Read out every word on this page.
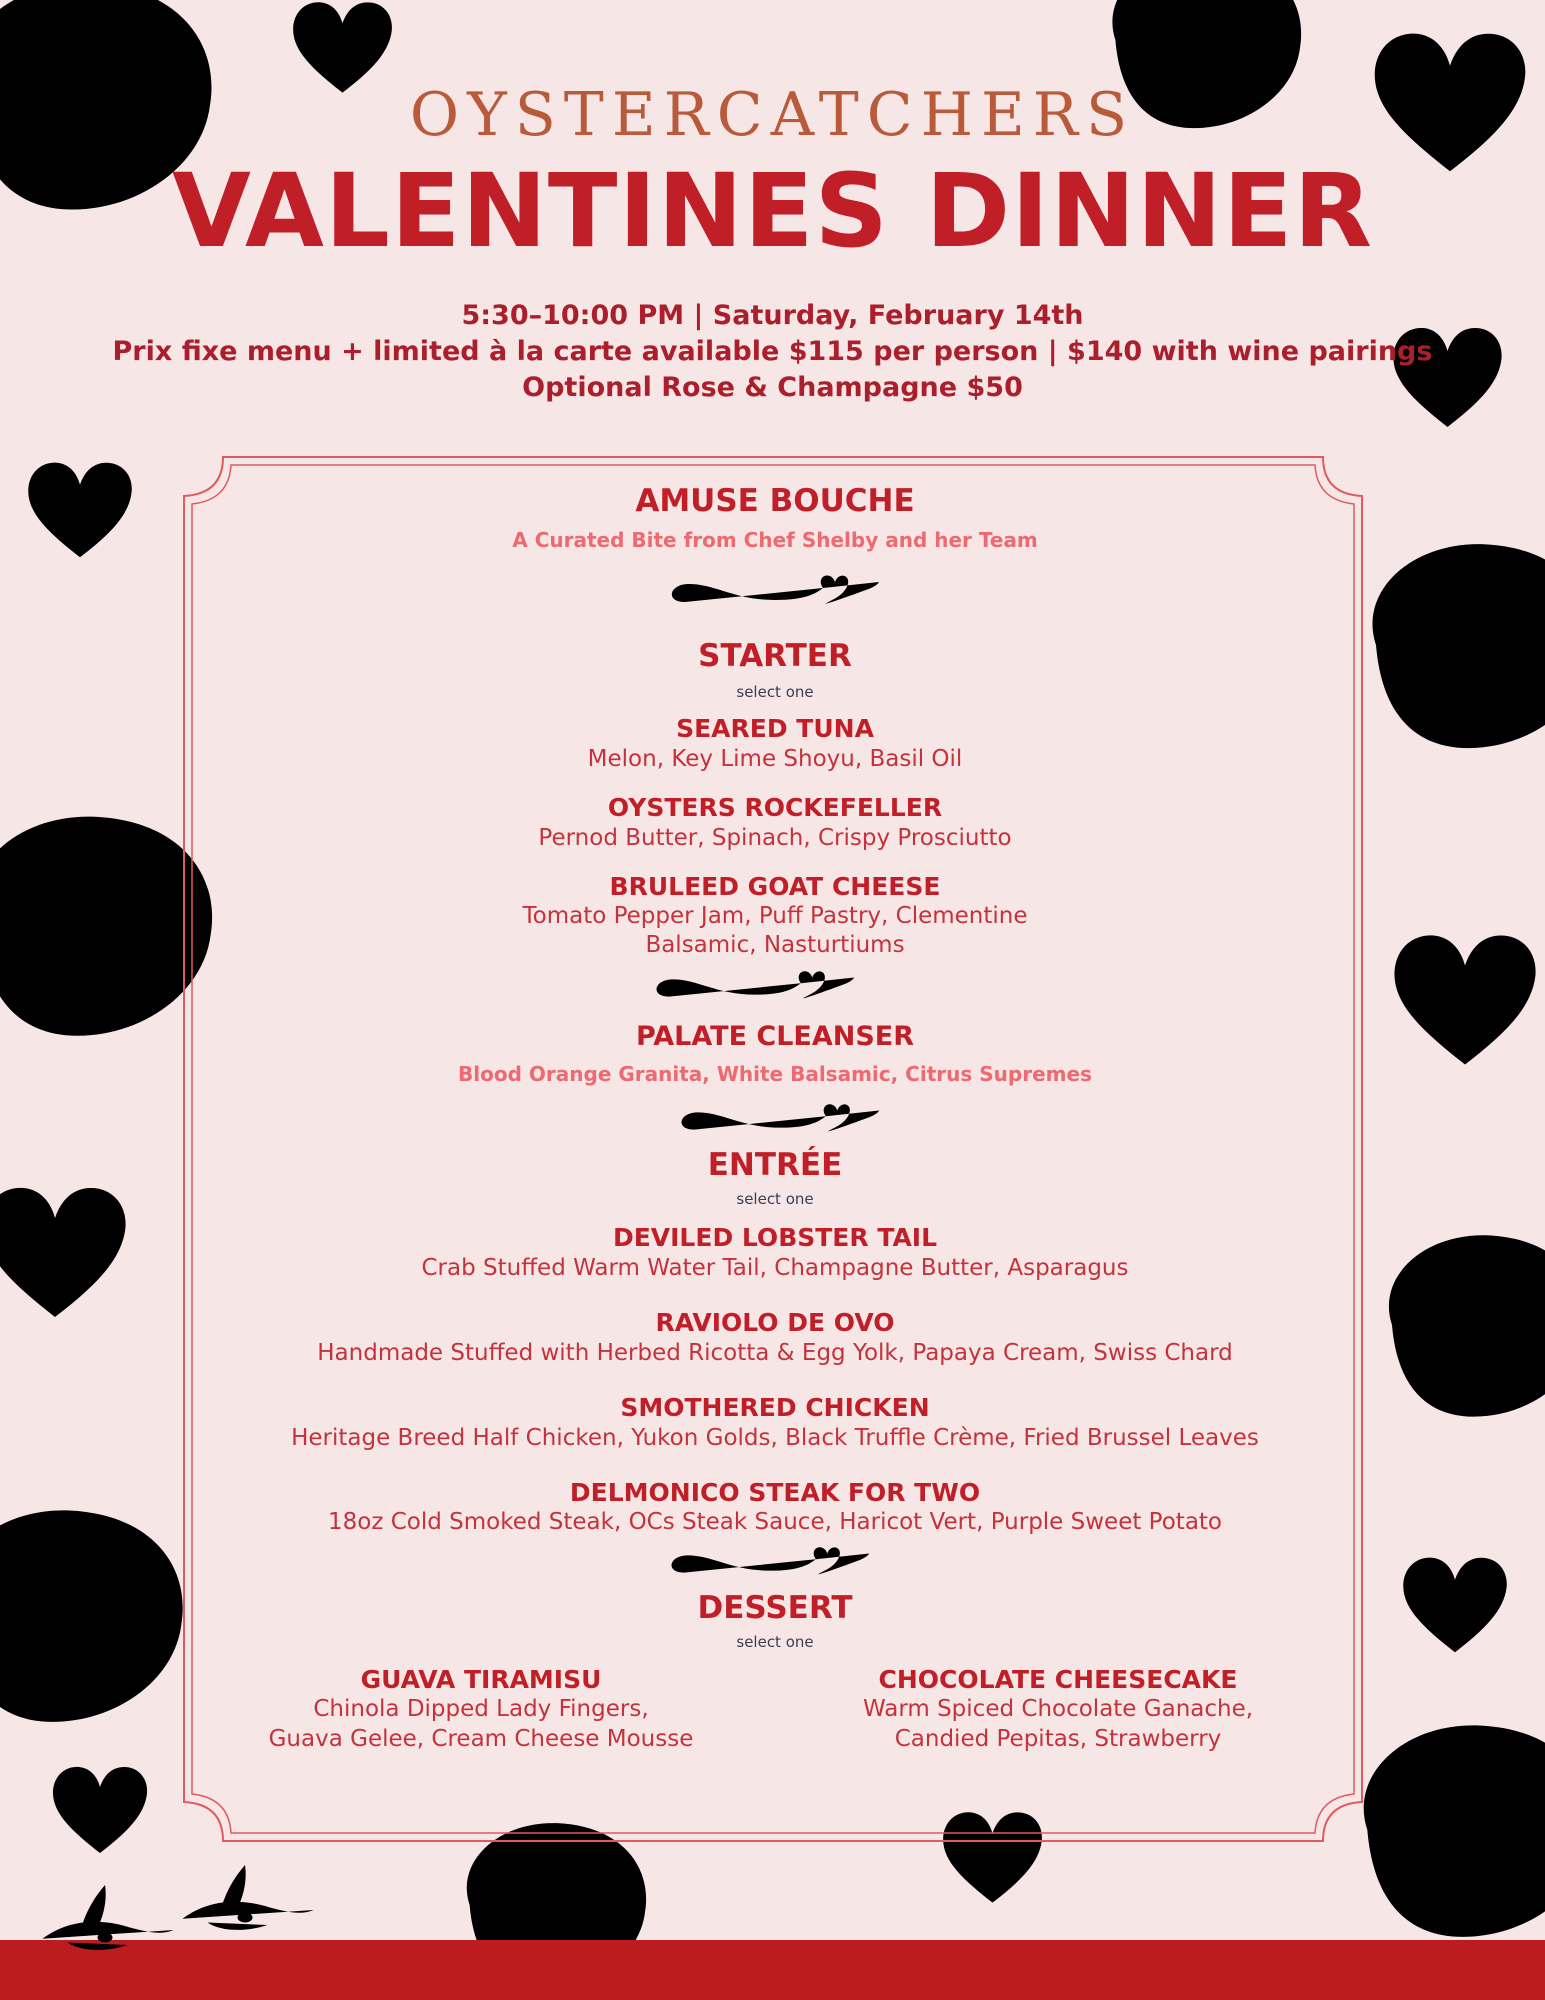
OYSTERCATCHERS
VALENTINES DINNER
5:30–10:00 PM | Saturday, February 14th
Prix fixe menu + limited à la carte available $115 per person | $140 with wine pairings
Optional Rose & Champagne $50
AMUSE BOUCHE
A Curated Bite from Chef Shelby and her Team
STARTER
select one
SEARED TUNA
Melon, Key Lime Shoyu, Basil Oil
OYSTERS ROCKEFELLER
Pernod Butter, Spinach, Crispy Prosciutto
BRULEED GOAT CHEESE
Tomato Pepper Jam, Puff Pastry, Clementine
Balsamic, Nasturtiums
PALATE CLEANSER
Blood Orange Granita, White Balsamic, Citrus Supremes
ENTRÉE
select one
DEVILED LOBSTER TAIL
Crab Stuffed Warm Water Tail, Champagne Butter, Asparagus
RAVIOLO DE OVO
Handmade Stuffed with Herbed Ricotta & Egg Yolk, Papaya Cream, Swiss Chard
SMOTHERED CHICKEN
Heritage Breed Half Chicken, Yukon Golds, Black Truffle Crème, Fried Brussel Leaves
DELMONICO STEAK FOR TWO
18oz Cold Smoked Steak, OCs Steak Sauce, Haricot Vert, Purple Sweet Potato
DESSERT
select one
GUAVA TIRAMISU
Chinola Dipped Lady Fingers,
Guava Gelee, Cream Cheese Mousse
CHOCOLATE CHEESECAKE
Warm Spiced Chocolate Ganache,
Candied Pepitas, Strawberry
